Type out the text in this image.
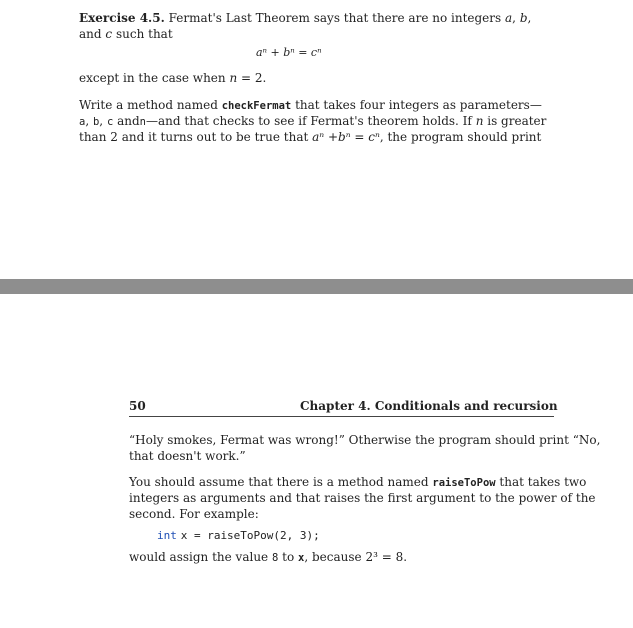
Exercise 4.5. Fermat's Last Theorem says that there are no integers a, b,
and c such that
aⁿ + bⁿ = cⁿ
except in the case when n = 2.
Write a method named checkFermat that takes four integers as parameters—
a, b, c andn—and that checks to see if Fermat's theorem holds. If n is greater
than 2 and it turns out to be true that aⁿ +bⁿ = cⁿ, the program should print
50	Chapter 4. Conditionals and recursion
“Holy smokes, Fermat was wrong!” Otherwise the program should print “No,
that doesn't work.”
You should assume that there is a method named raiseToPow that takes two
integers as arguments and that raises the first argument to the power of the
second. For example:
int x = raiseToPow(2, 3);
would assign the value 8 to x, because 2³ = 8.
